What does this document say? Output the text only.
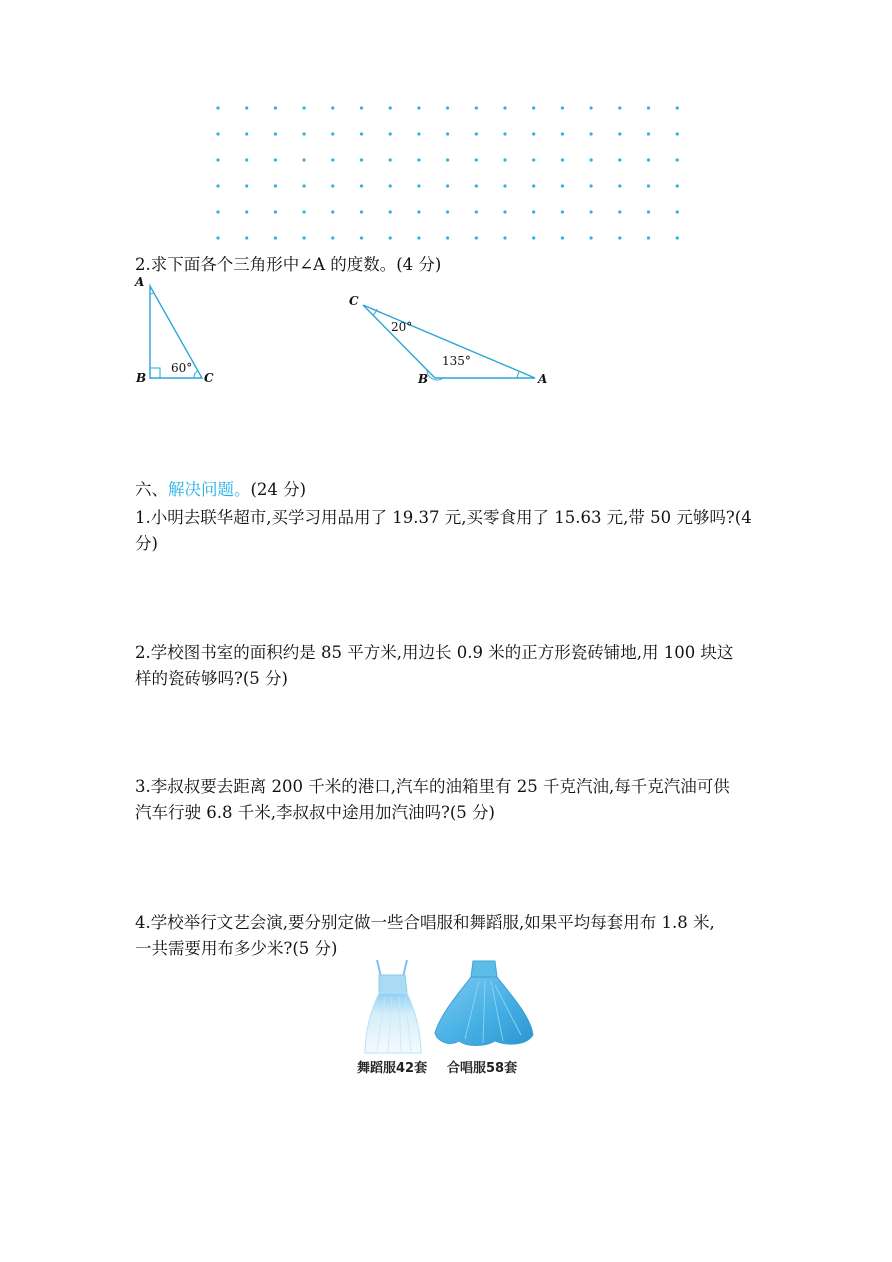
2.求下面各个三角形中∠A 的度数。(4 分)
A
B	C
60°
C
B	A
20°
135°
六、解决问题。(24 分)
1.小明去联华超市,买学习用品用了 19.37 元,买零食用了 15.63 元,带 50 元够吗?(4
分)
2.学校图书室的面积约是 85 平方米,用边长 0.9 米的正方形瓷砖铺地,用 100 块这
样的瓷砖够吗?(5 分)
3.李叔叔要去距离 200 千米的港口,汽车的油箱里有 25 千克汽油,每千克汽油可供
汽车行驶 6.8 千米,李叔叔中途用加汽油吗?(5 分)
4.学校举行文艺会演,要分别定做一些合唱服和舞蹈服,如果平均每套用布 1.8 米,
一共需要用布多少米?(5 分)
舞蹈服42套 合唱服58套
